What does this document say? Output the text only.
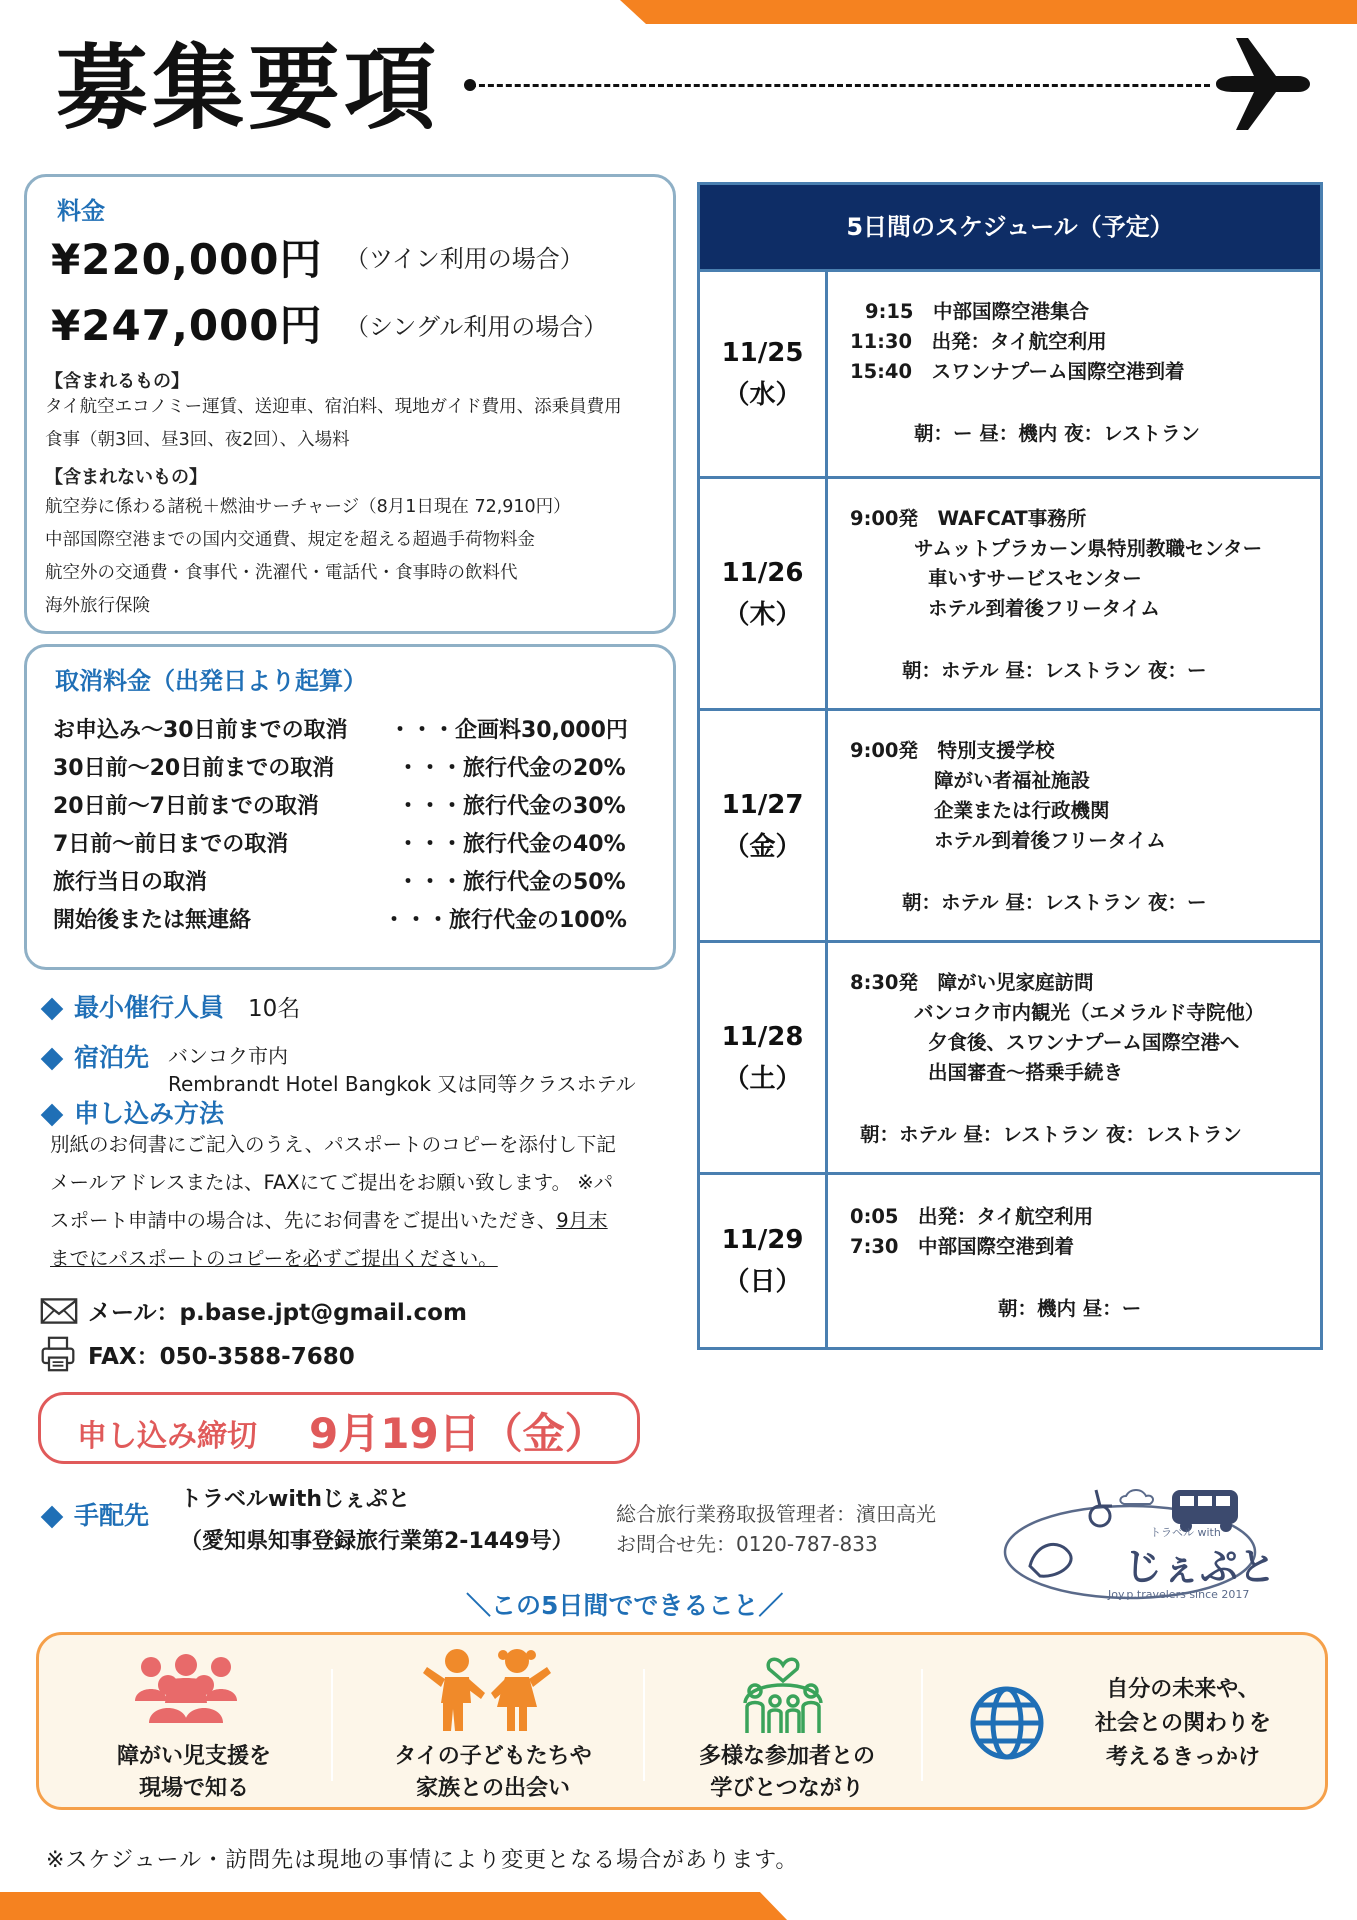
募集要項
料金
¥220,000円 （ツイン利用の場合）
¥247,000円 （シングル利用の場合）
【含まれるもの】
タイ航空エコノミー運賃、送迎車、宿泊料、現地ガイド費用、添乗員費用
食事（朝3回、昼3回、夜2回）、入場料
【含まれないもの】
航空券に係わる諸税＋燃油サーチャージ（8月1日現在 72,910円）
中部国際空港までの国内交通費、規定を超える超過手荷物料金
航空外の交通費・食事代・洗濯代・電話代・食事時の飲料代
海外旅行保険
取消料金（出発日より起算）
お申込み～30日前までの取消 ・・・企画料30,000円
30日前～20日前までの取消	・・・旅行代金の20%
20日前～7日前までの取消	・・・旅行代金の30%
7日前～前日までの取消	・・・旅行代金の40%
旅行当日の取消	・・・旅行代金の50%
開始後または無連絡	・・・旅行代金の100%
最小催行人員 10名
宿泊先 バンコク市内
Rembrandt Hotel Bangkok 又は同等クラスホテル
申し込み方法
別紙のお伺書にご記入のうえ、パスポートのコピーを添付し下記
メールアドレスまたは、FAXにてご提出をお願い致します。 ※パ
スポート申請中の場合は、先にお伺書をご提出いただき、9月末
までにパスポートのコピーを必ずご提出ください。
メール：p.base.jpt@gmail.com
FAX：050-3588-7680
申し込み締切 9月19日（金）
手配先
トラベルwithじぇぷと
（愛知県知事登録旅行業第2-1449号）
総合旅行業務取扱管理者：濱田高光
お問合せ先：0120-787-833	トラベル with
じぇぷと
Joy.p.travelers since 2017
5日間のスケジュール（予定）
11/25
（水）
9:15　中部国際空港集合
11:30　出発：タイ航空利用
15:40　スワンナプーム国際空港到着
朝：ー 昼：機内 夜：レストラン
11/26
（木）
9:00発　WAFCAT事務所
サムットプラカーン県特別教職センター
車いすサービスセンター
ホテル到着後フリータイム
朝：ホテル 昼：レストラン 夜：ー
11/27
（金）
9:00発　特別支援学校
障がい者福祉施設
企業または行政機関
ホテル到着後フリータイム
朝：ホテル 昼：レストラン 夜：ー
11/28
（土）
8:30発　障がい児家庭訪問
バンコク市内観光（エメラルド寺院他）
夕食後、スワンナプーム国際空港へ
出国審査～搭乗手続き
朝：ホテル 昼：レストラン 夜：レストラン
11/29
（日）
0:05　出発：タイ航空利用
7:30　中部国際空港到着
朝：機内 昼：ー
＼この5日間でできること／
障がい児支援を
現場で知る
タイの子どもたちや
家族との出会い
多様な参加者との
学びとつながり
自分の未来や、
社会との関わりを
考えるきっかけ
※スケジュール・訪問先は現地の事情により変更となる場合があります。
